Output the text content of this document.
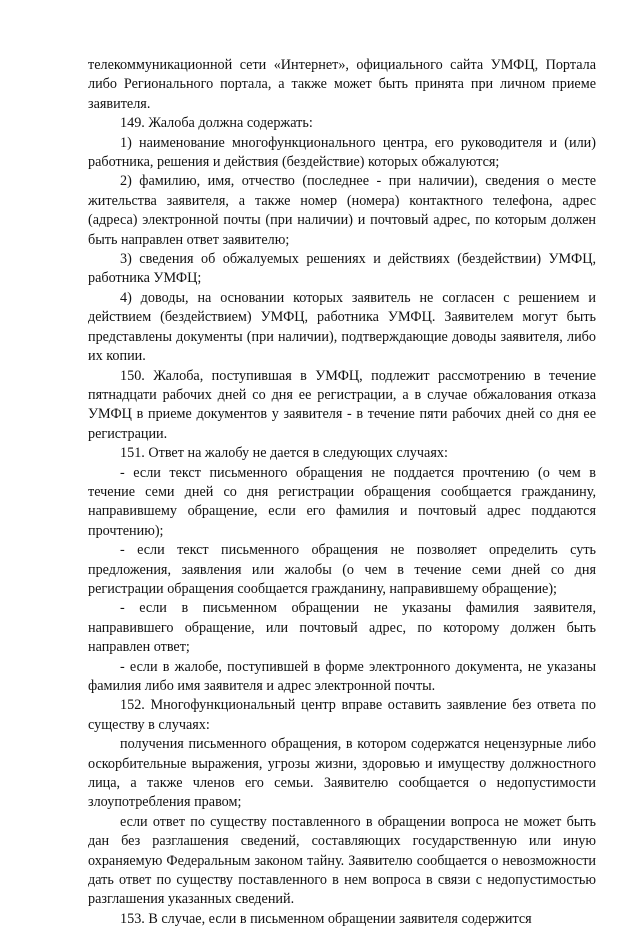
телекоммуникационной сети «Интернет», официального сайта УМФЦ, Портала либо Регионального портала, а также может быть принята при личном приеме заявителя.

149. Жалоба должна содержать:

1) наименование многофункционального центра, его руководителя и (или) работника, решения и действия (бездействие) которых обжалуются;

2) фамилию, имя, отчество (последнее - при наличии), сведения о месте жительства заявителя, а также номер (номера) контактного телефона, адрес (адреса) электронной почты (при наличии) и почтовый адрес, по которым должен быть направлен ответ заявителю;

3) сведения об обжалуемых решениях и действиях (бездействии) УМФЦ, работника УМФЦ;

4) доводы, на основании которых заявитель не согласен с решением и действием (бездействием) УМФЦ, работника УМФЦ. Заявителем могут быть представлены документы (при наличии), подтверждающие доводы заявителя, либо их копии.

150. Жалоба, поступившая в УМФЦ, подлежит рассмотрению в течение пятнадцати рабочих дней со дня ее регистрации, а в случае обжалования отказа УМФЦ в приеме документов у заявителя - в течение пяти рабочих дней со дня ее регистрации.

151. Ответ на жалобу не дается в следующих случаях:

- если текст письменного обращения не поддается прочтению (о чем в течение семи дней со дня регистрации обращения сообщается гражданину, направившему обращение, если его фамилия и почтовый адрес поддаются прочтению);

- если текст письменного обращения не позволяет определить суть предложения, заявления или жалобы (о чем в течение семи дней со дня регистрации обращения сообщается гражданину, направившему обращение);

- если в письменном обращении не указаны фамилия заявителя, направившего обращение, или почтовый адрес, по которому должен быть направлен ответ;

- если в жалобе, поступившей в форме электронного документа, не указаны фамилия либо имя заявителя и адрес электронной почты.

152. Многофункциональный центр вправе оставить заявление без ответа по существу в случаях:

получения письменного обращения, в котором содержатся нецензурные либо оскорбительные выражения, угрозы жизни, здоровью и имуществу должностного лица, а также членов его семьи. Заявителю сообщается о недопустимости злоупотребления правом;

если ответ по существу поставленного в обращении вопроса не может быть дан без разглашения сведений, составляющих государственную или иную охраняемую Федеральным законом тайну. Заявителю сообщается о невозможности дать ответ по существу поставленного в нем вопроса в связи с недопустимостью разглашения указанных сведений.

153. В случае, если в письменном обращении заявителя содержится
